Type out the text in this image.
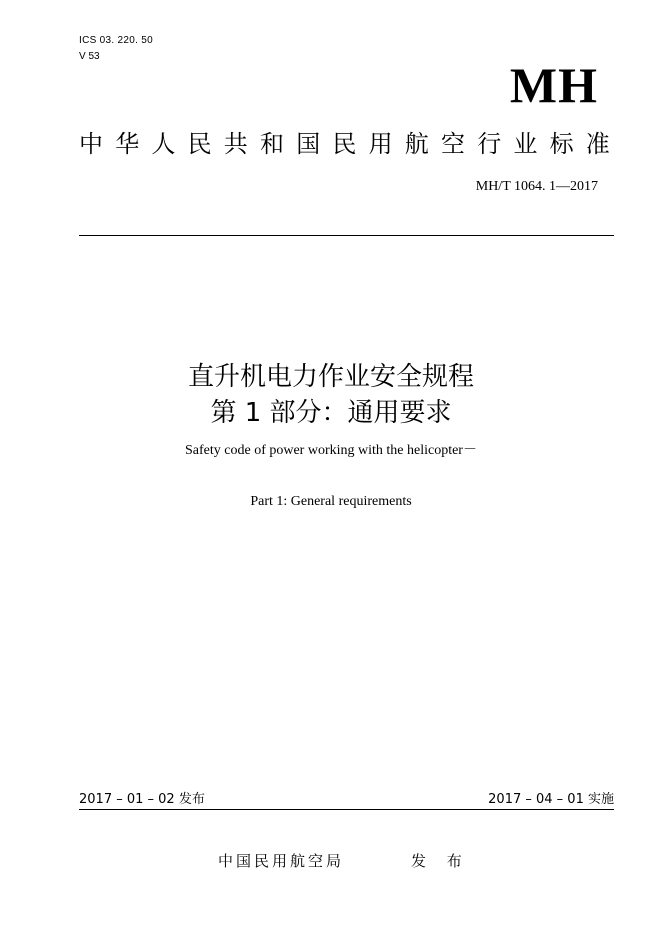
ICS 03. 220. 50
V 53
MH
中华人民共和国民用航空行业标准
MH/T 1064. 1—2017
直升机电力作业安全规程
第 1 部分：通用要求
Safety code of power working with the helicopter－
Part 1: General requirements
2017 – 01 – 02 发布	2017 – 04 – 01 实施
中国民用航空局	发 布
